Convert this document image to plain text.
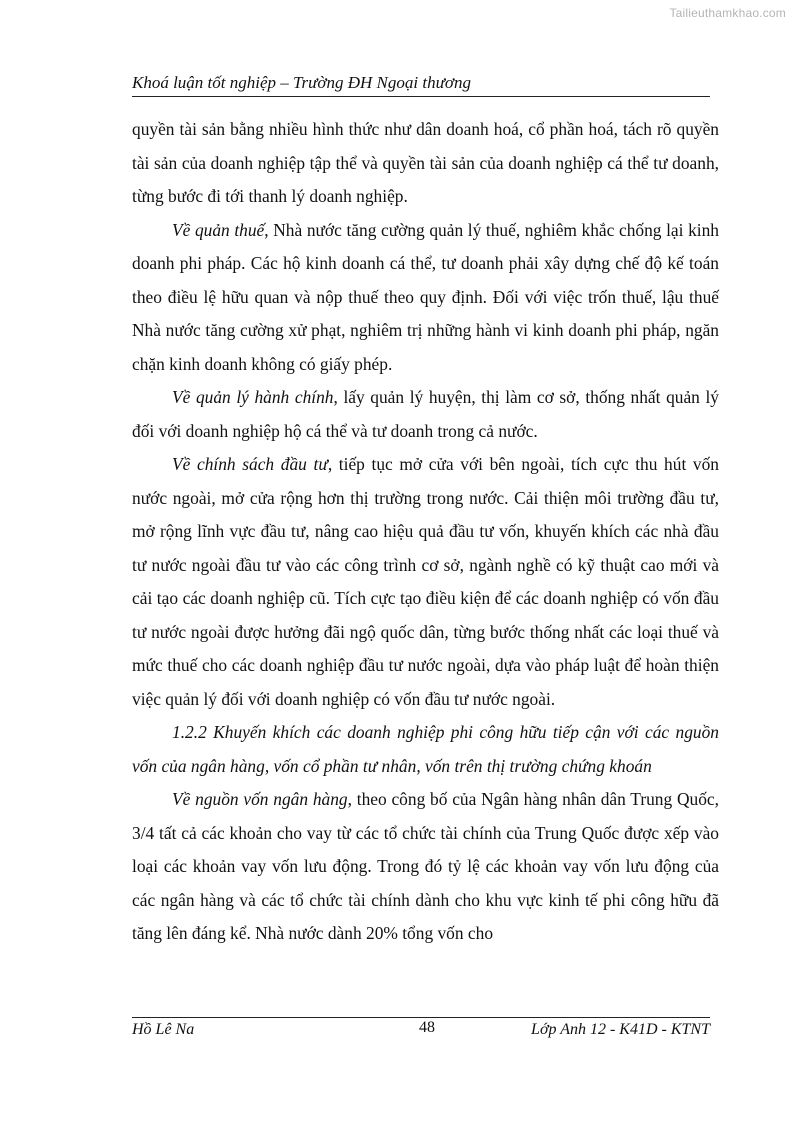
Tailieuthamkhao.com
Khoá luận tốt nghiệp – Trường ĐH Ngoại thương

quyền tài sản bằng nhiều hình thức như dân doanh hoá, cổ phần hoá, tách rõ quyền tài sản của doanh nghiệp tập thể và quyền tài sản của doanh nghiệp cá thể tư doanh, từng bước đi tới thanh lý doanh nghiệp.

Về quản thuế, Nhà nước tăng cường quản lý thuế, nghiêm khắc chống lại kinh doanh phi pháp. Các hộ kinh doanh cá thể, tư doanh phải xây dựng chế độ kế toán theo điều lệ hữu quan và nộp thuế theo quy định. Đối với việc trốn thuế, lậu thuế Nhà nước tăng cường xử phạt, nghiêm trị những hành vi kinh doanh phi pháp, ngăn chặn kinh doanh không có giấy phép.

Về quản lý hành chính, lấy quản lý huyện, thị làm cơ sở, thống nhất quản lý đối với doanh nghiệp hộ cá thể và tư doanh trong cả nước.

Về chính sách đầu tư, tiếp tục mở cửa với bên ngoài, tích cực thu hút vốn nước ngoài, mở cửa rộng hơn thị trường trong nước. Cải thiện môi trường đầu tư, mở rộng lĩnh vực đầu tư, nâng cao hiệu quả đầu tư vốn, khuyến khích các nhà đầu tư nước ngoài đầu tư vào các công trình cơ sở, ngành nghề có kỹ thuật cao mới và cải tạo các doanh nghiệp cũ. Tích cực tạo điều kiện để các doanh nghiệp có vốn đầu tư nước ngoài được hưởng đãi ngộ quốc dân, từng bước thống nhất các loại thuế và mức thuế cho các doanh nghiệp đầu tư nước ngoài, dựa vào pháp luật để hoàn thiện việc quản lý đối với doanh nghiệp có vốn đầu tư nước ngoài.

1.2.2 Khuyến khích các doanh nghiệp phi công hữu tiếp cận với các nguồn vốn của ngân hàng, vốn cổ phần tư nhân, vốn trên thị trường chứng khoán

Về nguồn vốn ngân hàng, theo công bố của Ngân hàng nhân dân Trung Quốc, 3/4 tất cả các khoản cho vay từ các tổ chức tài chính của Trung Quốc được xếp vào loại các khoản vay vốn lưu động. Trong đó tỷ lệ các khoản vay vốn lưu động của các ngân hàng và các tổ chức tài chính dành cho khu vực kinh tế phi công hữu đã tăng lên đáng kể. Nhà nước dành 20% tổng vốn cho

Hồ Lê Na	48	Lớp Anh 12 - K41D - KTNT
